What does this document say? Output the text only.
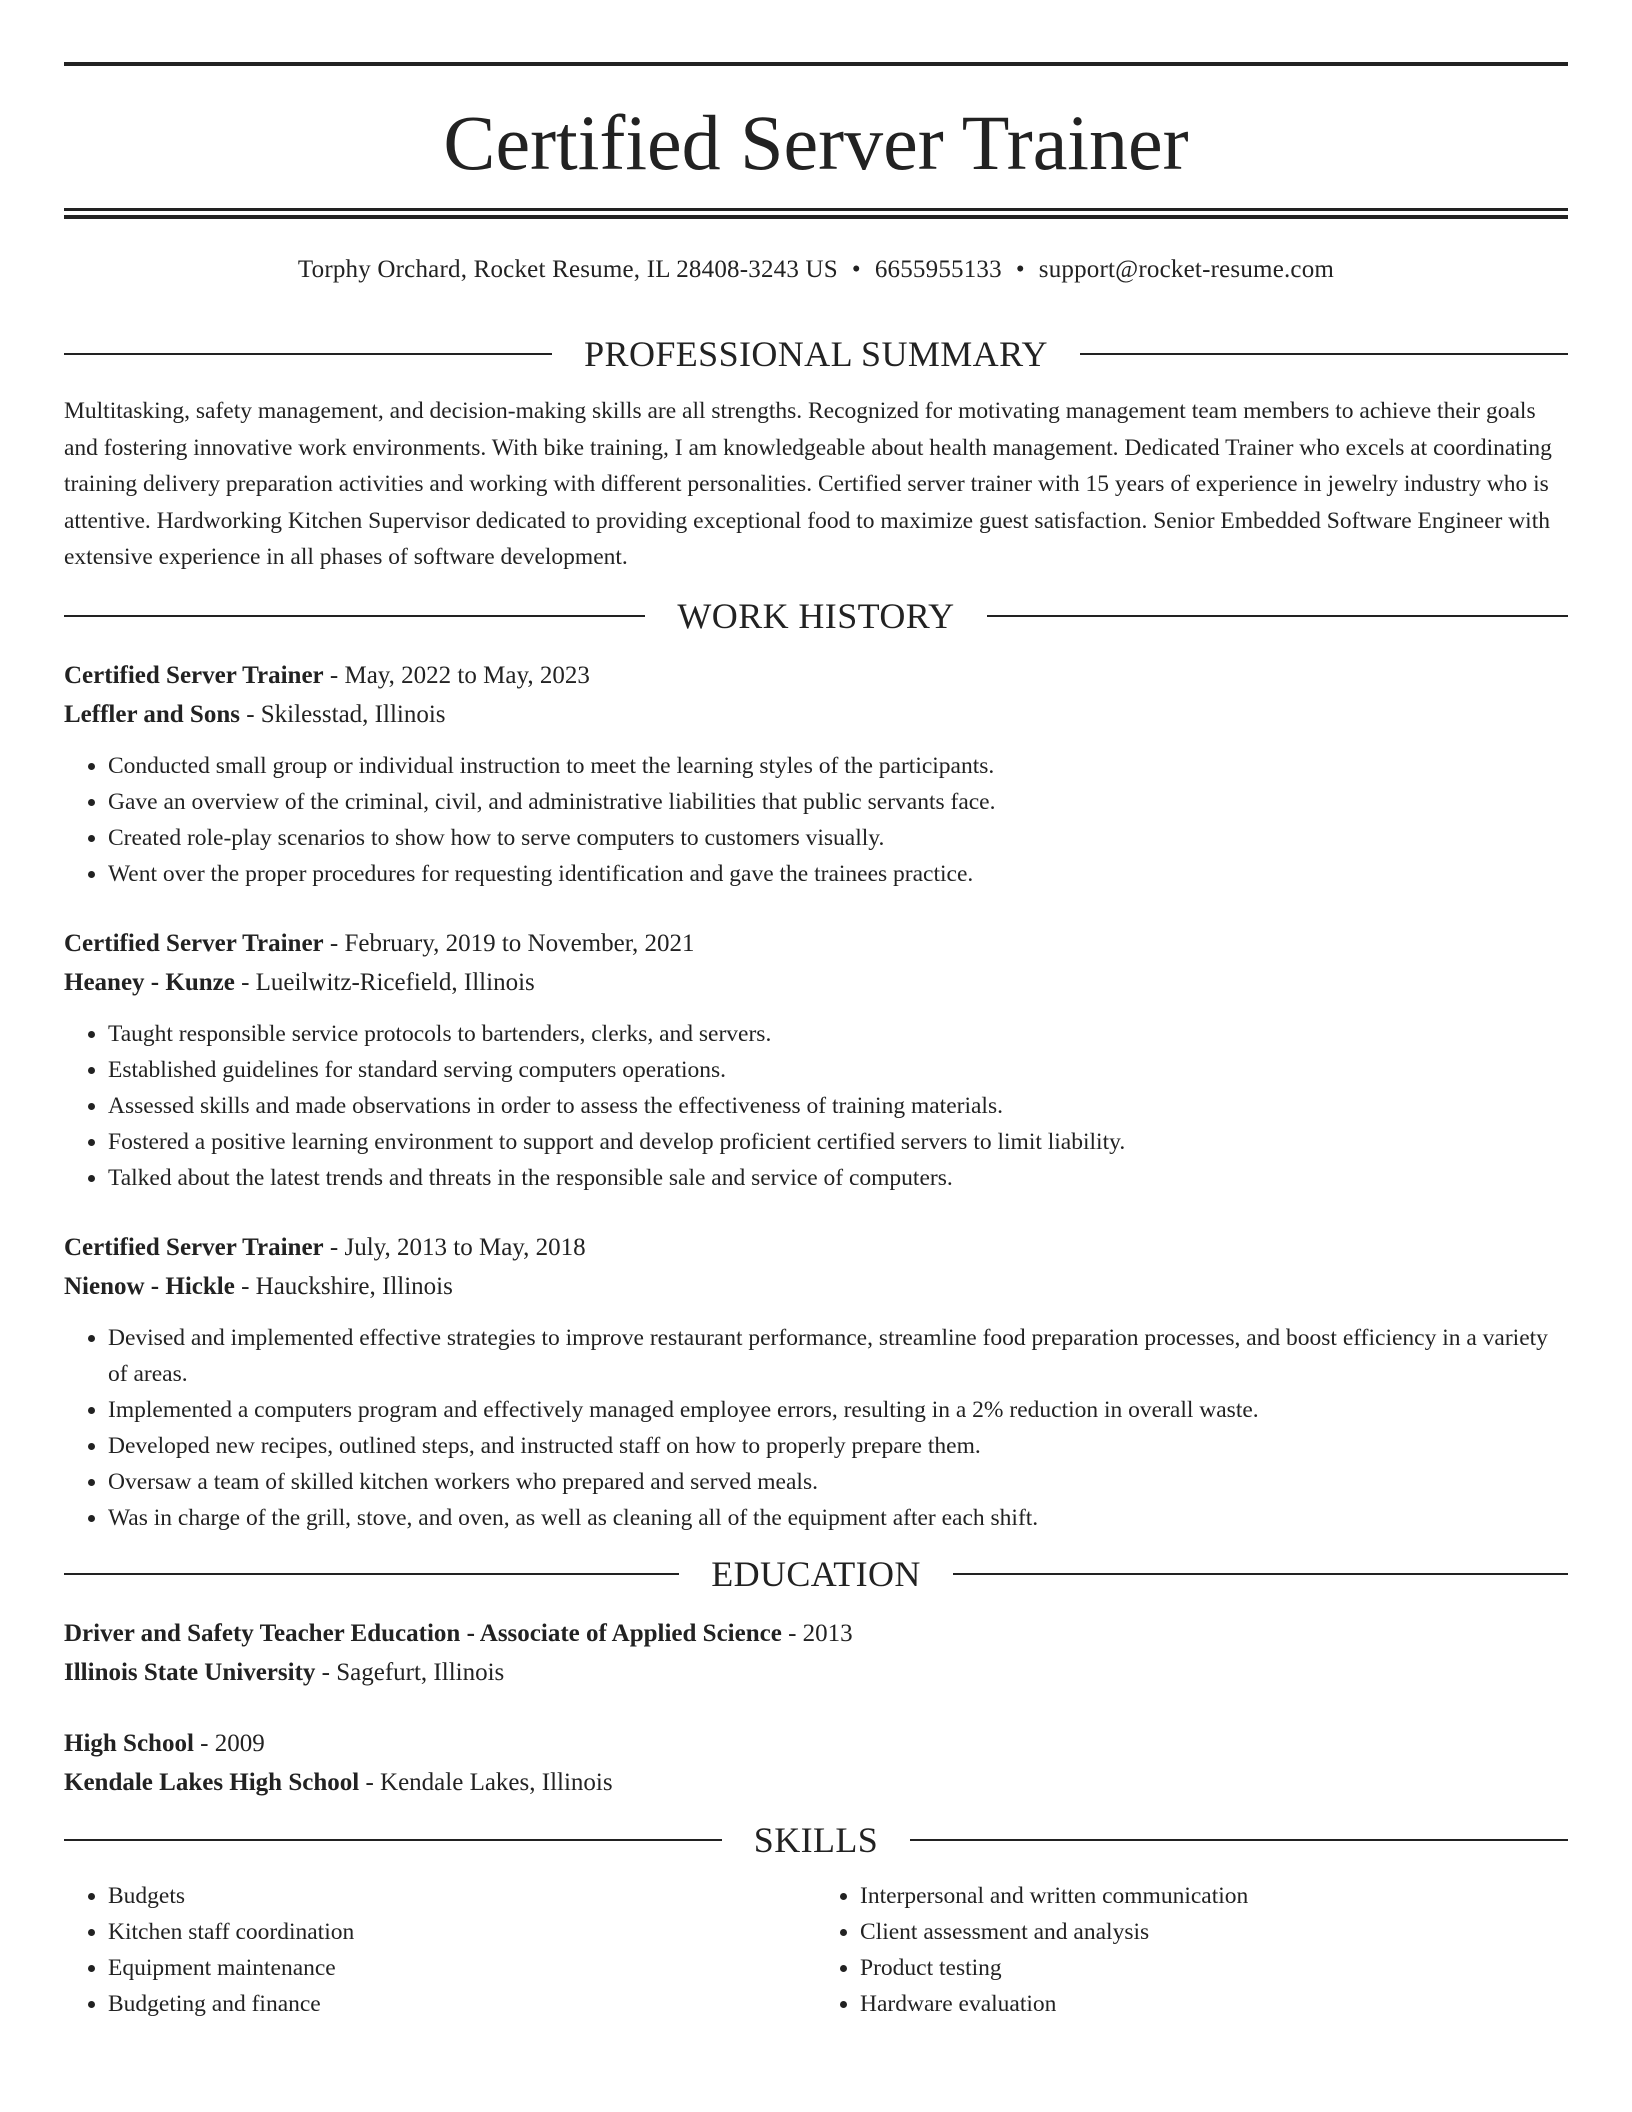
Certified Server Trainer
Torphy Orchard, Rocket Resume, IL 28408-3243 US • 6655955133 • support@rocket-resume.com
PROFESSIONAL SUMMARY

Multitasking, safety management, and decision-making skills are all strengths. Recognized for motivating management team members to achieve their goals and fostering innovative work environments. With bike training, I am knowledgeable about health management. Dedicated Trainer who excels at coordinating training delivery preparation activities and working with different personalities. Certified server trainer with 15 years of experience in jewelry industry who is attentive. Hardworking Kitchen Supervisor dedicated to providing exceptional food to maximize guest satisfaction. Senior Embedded Software Engineer with extensive experience in all phases of software development.

WORK HISTORY
Certified Server Trainer - May, 2022 to May, 2023
Leffler and Sons - Skilesstad, Illinois
• Conducted small group or individual instruction to meet the learning styles of the participants.
• Gave an overview of the criminal, civil, and administrative liabilities that public servants face.
• Created role-play scenarios to show how to serve computers to customers visually.
• Went over the proper procedures for requesting identification and gave the trainees practice.
Certified Server Trainer - February, 2019 to November, 2021
Heaney - Kunze - Lueilwitz-Ricefield, Illinois
• Taught responsible service protocols to bartenders, clerks, and servers.
• Established guidelines for standard serving computers operations.
• Assessed skills and made observations in order to assess the effectiveness of training materials.
• Fostered a positive learning environment to support and develop proficient certified servers to limit liability.
• Talked about the latest trends and threats in the responsible sale and service of computers.
Certified Server Trainer - July, 2013 to May, 2018
Nienow - Hickle - Hauckshire, Illinois
• Devised and implemented effective strategies to improve restaurant performance, streamline food preparation processes, and boost efficiency in a variety of areas.
• Implemented a computers program and effectively managed employee errors, resulting in a 2% reduction in overall waste.
• Developed new recipes, outlined steps, and instructed staff on how to properly prepare them.
• Oversaw a team of skilled kitchen workers who prepared and served meals.
• Was in charge of the grill, stove, and oven, as well as cleaning all of the equipment after each shift.
EDUCATION
Driver and Safety Teacher Education - Associate of Applied Science - 2013
Illinois State University - Sagefurt, Illinois
High School - 2009
Kendale Lakes High School - Kendale Lakes, Illinois
SKILLS
• Budgets
• Kitchen staff coordination
• Equipment maintenance
• Budgeting and finance
• Interpersonal and written communication
• Client assessment and analysis
• Product testing
• Hardware evaluation
